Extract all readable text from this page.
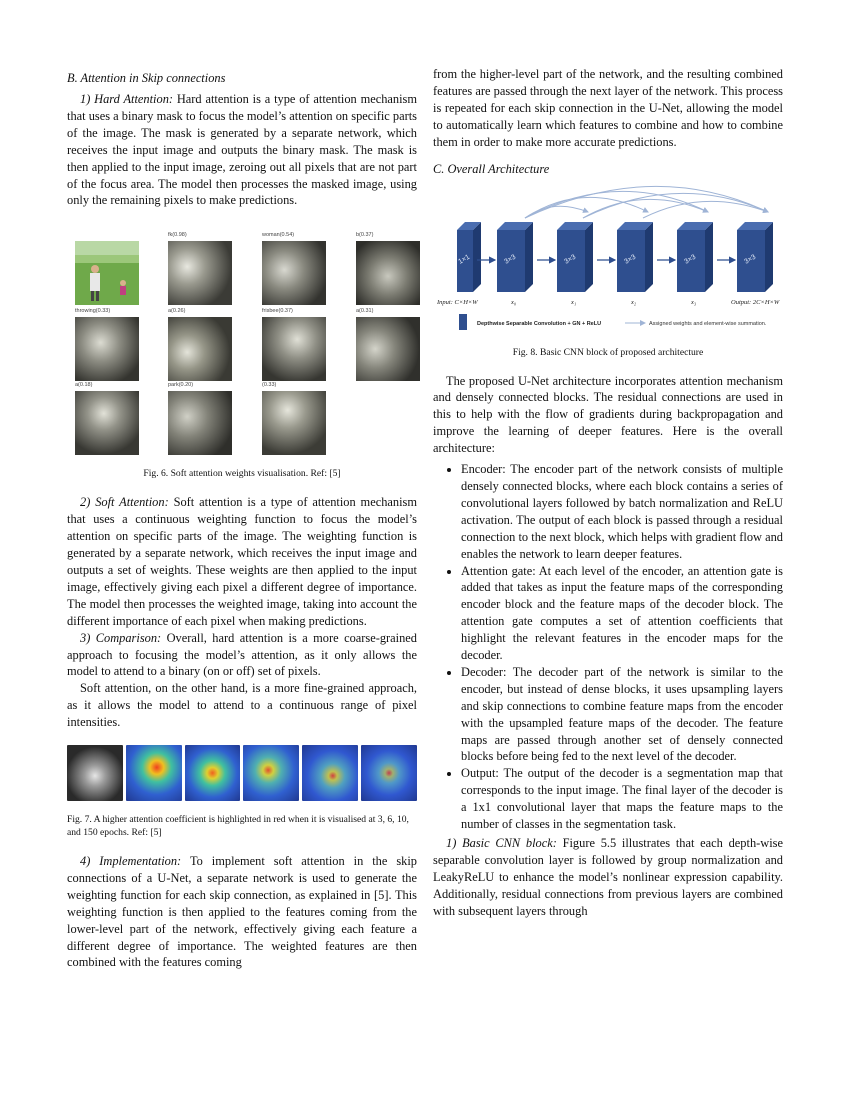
B. Attention in Skip connections

1) Hard Attention: Hard attention is a type of attention mechanism that uses a binary mask to focus the model’s attention on specific parts of the image. The mask is generated by a separate network, which receives the input image and outputs the binary mask. The mask is then applied to the input image, zeroing out all pixels that are not part of the focus area. The model then processes the masked image, using only the remaining pixels to make predictions.

fk(0.98)	woman(0.54)	b(0.37)
throwing(0.33)	a(0.26)	frisbee(0.37)	a(0.31)
a(0.18)	park(0.20)	(0.33)

Fig. 6. Soft attention weights visualisation. Ref: [5]

2) Soft Attention: Soft attention is a type of attention mechanism that uses a continuous weighting function to focus the model’s attention on specific parts of the image. The weighting function is generated by a separate network, which receives the input image and outputs a set of weights. These weights are then applied to the input image, effectively giving each pixel a different degree of importance. The model then processes the weighted image, taking into account the different importance of each pixel when making predictions.

3) Comparison: Overall, hard attention is a more coarse-grained approach to focusing the model’s attention, as it only allows the model to attend to a binary (on or off) set of pixels.

Soft attention, on the other hand, is a more fine-grained approach, as it allows the model to attend to a continuous range of pixel intensities.

Fig. 7. A higher attention coefficient is highlighted in red when it is visualised at 3, 6, 10, and 150 epochs. Ref: [5]

4) Implementation: To implement soft attention in the skip connections of a U-Net, a separate network is used to generate the weighting function for each skip connection, as explained in [5]. This weighting function is then applied to the features coming from the lower-level part of the network, effectively giving each feature a different degree of importance. The weighted features are then combined with the features coming

from the higher-level part of the network, and the resulting combined features are passed through the next layer of the network. This process is repeated for each skip connection in the U-Net, allowing the model to automatically learn which features to combine and how to combine them in order to make more accurate predictions.

C. Overall Architecture
1×1	3×3	3×3	3×3	3×3	3×3
Input: C×H×W	x₀	x₁	x₂	x₃	Output: 2C×H×W
Depthwise Separable Convolution + GN + ReLU	Assigned weights and element-wise summation.

Fig. 8. Basic CNN block of proposed architecture

The proposed U-Net architecture incorporates attention mechanism and densely connected blocks. The residual connections are used in this to help with the flow of gradients during backpropagation and improve the learning of deeper features. Here is the overall architecture:

• Encoder: The encoder part of the network consists of multiple densely connected blocks, where each block contains a series of convolutional layers followed by batch normalization and ReLU activation. The output of each block is passed through a residual connection to the next block, which helps with gradient flow and enables the network to learn deeper features.
• Attention gate: At each level of the encoder, an attention gate is added that takes as input the feature maps of the corresponding encoder block and the feature maps of the decoder block. The attention gate computes a set of attention coefficients that highlight the relevant features in the encoder maps for the decoder.
• Decoder: The decoder part of the network is similar to the encoder, but instead of dense blocks, it uses upsampling layers and skip connections to combine feature maps from the encoder with the upsampled feature maps of the decoder. The feature maps are passed through another set of densely connected blocks before being fed to the next level of the decoder.
• Output: The output of the decoder is a segmentation map that corresponds to the input image. The final layer of the decoder is a 1x1 convolutional layer that maps the feature maps to the number of classes in the segmentation task.

1) Basic CNN block: Figure 5.5 illustrates that each depth-wise separable convolution layer is followed by group normalization and LeakyReLU to enhance the model’s nonlinear expression capability. Additionally, residual connections from previous layers are combined with subsequent layers through
